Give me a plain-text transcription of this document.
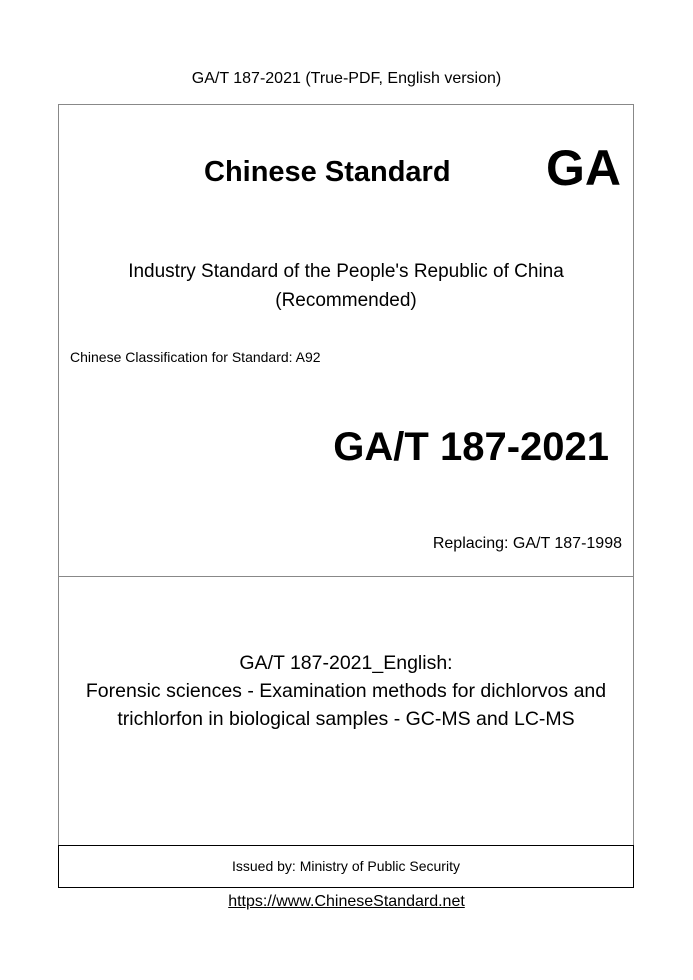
GA/T 187-2021 (True-PDF, English version)
Chinese Standard GA
Industry Standard of the People's Republic of China
(Recommended)
Chinese Classification for Standard: A92
GA/T 187-2021
Replacing: GA/T 187-1998
GA/T 187-2021_English:
Forensic sciences - Examination methods for dichlorvos and
trichlorfon in biological samples - GC-MS and LC-MS
Issued by: Ministry of Public Security
https://www.ChineseStandard.net
